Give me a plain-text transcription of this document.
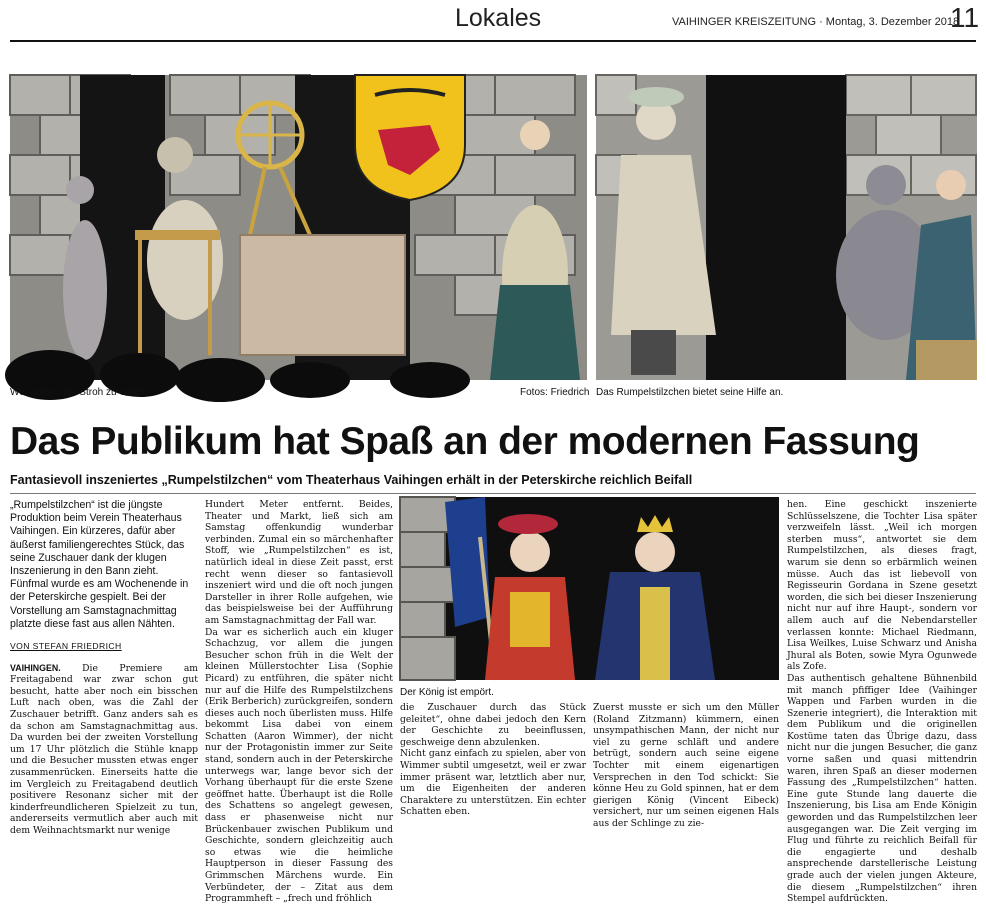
Lokales	VAIHINGER KREISZEITUNG · Montag, 3. Dezember 2018
11
Wer spinnt das Stroh zu Gold?	Fotos: Friedrich Das Rumpelstilzchen bietet seine Hilfe an.
Das Publikum hat Spaß an der modernen Fassung
Fantasievoll inszeniertes „Rumpelstilzchen“ vom Theaterhaus Vaihingen erhält in der Peterskirche reichlich Beifall

„Rumpelstilzchen“ ist die jüngste Produktion beim Verein Theaterhaus Vaihingen. Ein kürzeres, dafür aber äußerst familiengerechtes Stück, das seine Zuschauer dank der klugen Inszenierung in den Bann zieht. Fünfmal wurde es am Wochenende in der Peterskirche gespielt. Bei der Vorstellung am Samstagnachmittag platzte diese fast aus allen Nähten.

VON STEFAN FRIEDRICH

VAIHINGEN. Die Premiere am Freitagabend war zwar schon gut besucht, hatte aber noch ein bisschen Luft nach oben, was die Zahl der Zuschauer betrifft. Ganz anders sah es da schon am Samstagnachmittag aus. Da wurden bei der zweiten Vorstellung um 17 Uhr plötzlich die Stühle knapp und die Besucher mussten etwas enger zusammenrücken. Einerseits hatte die im Vergleich zu Freitagabend deutlich positivere Resonanz sicher mit der kinderfreundlicheren Spielzeit zu tun, andererseits vermutlich aber auch mit dem Weihnachtsmarkt nur wenige

Hundert Meter entfernt. Beides, Theater und Markt, ließ sich am Samstag offenkundig wunderbar verbinden. Zumal ein so märchenhafter Stoff, wie „Rumpelstilzchen“ es ist, natürlich ideal in diese Zeit passt, erst recht wenn dieser so fantasievoll inszeniert wird und die oft noch jungen Darsteller in ihrer Rolle aufgehen, wie das beispielsweise bei der Aufführung am Samstagnachmittag der Fall war.
Da war es sicherlich auch ein kluger Schachzug, vor allem die jungen Besucher schon früh in die Welt der kleinen Müllerstochter Lisa (Sophie Picard) zu entführen, die später nicht nur auf die Hilfe des Rumpelstilzchens (Erik Berberich) zurückgreifen, sondern dieses auch noch überlisten muss. Hilfe bekommt Lisa dabei von einem Schatten (Aaron Wimmer), der nicht nur der Protagonistin immer zur Seite stand, sondern auch in der Peterskirche unterwegs war, lange bevor sich der Vorhang überhaupt für die erste Szene geöffnet hatte. Überhaupt ist die Rolle des Schattens so angelegt gewesen, dass er phasenweise nicht nur Brückenbauer zwischen Publikum und Geschichte, sondern gleichzeitig auch so etwas wie die heimliche Hauptperson in dieser Fassung des Grimmschen Märchens wurde. Ein Verbündeter, der – Zitat aus dem Programmheft – „frech und fröhlich
Der König ist empört.
die Zuschauer durch das Stück geleitet“, ohne dabei jedoch den Kern der Geschichte zu beeinflussen, geschweige denn abzulenken.
Nicht ganz einfach zu spielen, aber von Wimmer subtil umgesetzt, weil er zwar immer präsent war, letztlich aber nur, um die Eigenheiten der anderen Charaktere zu unterstützen. Ein echter Schatten eben.
Zuerst musste er sich um den Müller (Roland Zitzmann) kümmern, einen unsympathischen Mann, der nicht nur viel zu gerne schläft und andere betrügt, sondern auch seine eigene Tochter mit einem eigenartigen Versprechen in den Tod schickt: Sie könne Heu zu Gold spinnen, hat er dem gierigen König (Vincent Eibeck) versichert, nur um seinen eigenen Hals aus der Schlinge zu zie-
hen. Eine geschickt inszenierte Schlüsselszene, die Tochter Lisa später verzweifeln lässt. „Weil ich morgen sterben muss“, antwortet sie dem Rumpelstilzchen, als dieses fragt, warum sie denn so erbärmlich weinen müsse. Auch das ist liebevoll von Regisseurin Gordana in Szene gesetzt worden, die sich bei dieser Inszenierung nicht nur auf ihre Haupt-, sondern vor allem auch auf die Nebendarsteller verlassen konnte: Michael Riedmann, Lisa Weilkes, Luise Schwarz und Anisha Jhural als Boten, sowie Myra Ogunwede als Zofe.
Das authentisch gehaltene Bühnenbild mit manch pfiffiger Idee (Vaihinger Wappen und Farben wurden in die Szenerie integriert), die Interaktion mit dem Publikum und die originellen Kostüme taten das Übrige dazu, dass nicht nur die jungen Besucher, die ganz vorne saßen und quasi mittendrin waren, ihren Spaß an dieser modernen Fassung des „Rumpelstilzchen“ hatten. Eine gute Stunde lang dauerte die Inszenierung, bis Lisa am Ende Königin geworden und das Rumpelstilzchen leer ausgegangen war. Die Zeit verging im Flug und führte zu reichlich Beifall für die engagierte und deshalb ansprechende darstellerische Leistung grade auch der vielen jungen Akteure, die diesem „Rumpelstilzchen“ ihren Stempel aufdrückten.
